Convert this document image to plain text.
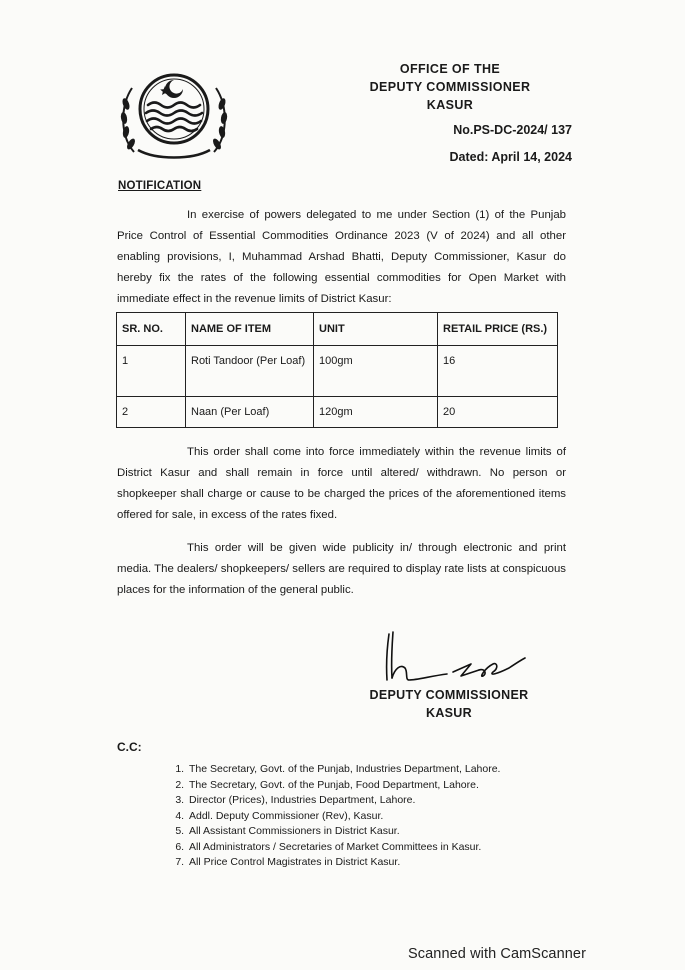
OFFICE OF THE
DEPUTY COMMISSIONER
KASUR
No.PS-DC-2024/ 137
Dated: April 14, 2024
NOTIFICATION

In exercise of powers delegated to me under Section (1) of the Punjab Price Control of Essential Commodities Ordinance 2023 (V of 2024) and all other enabling provisions, I, Muhammad Arshad Bhatti, Deputy Commissioner, Kasur do hereby fix the rates of the following essential commodities for Open Market with immediate effect in the revenue limits of District Kasur:

SR. NO.	NAME OF ITEM	UNIT	RETAIL PRICE (RS.)
1	Roti Tandoor (Per Loaf)	100gm	16
2	Naan (Per Loaf)	120gm	20

This order shall come into force immediately within the revenue limits of District Kasur and shall remain in force until altered/ withdrawn. No person or shopkeeper shall charge or cause to be charged the prices of the aforementioned items offered for sale, in excess of the rates fixed.

This order will be given wide publicity in/ through electronic and print media. The dealers/ shopkeepers/ sellers are required to display rate lists at conspicuous places for the information of the general public.

DEPUTY COMMISSIONER
KASUR
C.C:
1. The Secretary, Govt. of the Punjab, Industries Department, Lahore.
2. The Secretary, Govt. of the Punjab, Food Department, Lahore.
3. Director (Prices), Industries Department, Lahore.
4. Addl. Deputy Commissioner (Rev), Kasur.
5. All Assistant Commissioners in District Kasur.
6. All Administrators / Secretaries of Market Committees in Kasur.
7. All Price Control Magistrates in District Kasur.
Scanned with CamScanner
